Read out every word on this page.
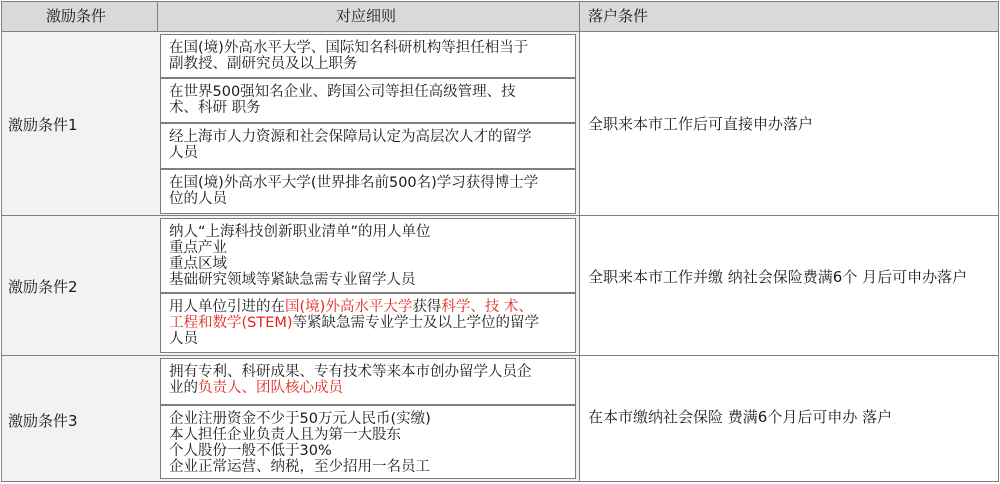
激励条件	对应细则	落户条件
激励条件1
在国(境)外高水平大学、国际知名科研机构等担任相当于
副教授、副研究员及以上职务
在世界500强知名企业、跨国公司等担任高级管理、技
术、科研 职务
经上海市人力资源和社会保障局认定为高层次人才的留学
人员
在国(境)外高水平大学(世界排名前500名)学习获得博士学
位的人员
全职来本市工作后可直接申办落户
激励条件2
纳人“上海科技创新职业清单”的用人单位
重点产业
重点区域
基础研究领域等紧缺急需专业留学人员
用人单位引进的在国(境)外高水平大学获得科学、技 术、
工程和数学(STEM)等紧缺急需专业学士及以上学位的留学
人员
全职来本市工作并缴 纳社会保险费满6个 月后可申办落户
激励条件3
拥有专利、科研成果、专有技术等来本市创办留学人员企
业的负责人、团队核心成员
企业注册资金不少于50万元人民币(实缴)
本人担任企业负责人且为第一大股东
个人股份一般不低于30%
企业正常运营、纳税，至少招用一名员工
在本市缴纳社会保险 费满6个月后可申办 落户
